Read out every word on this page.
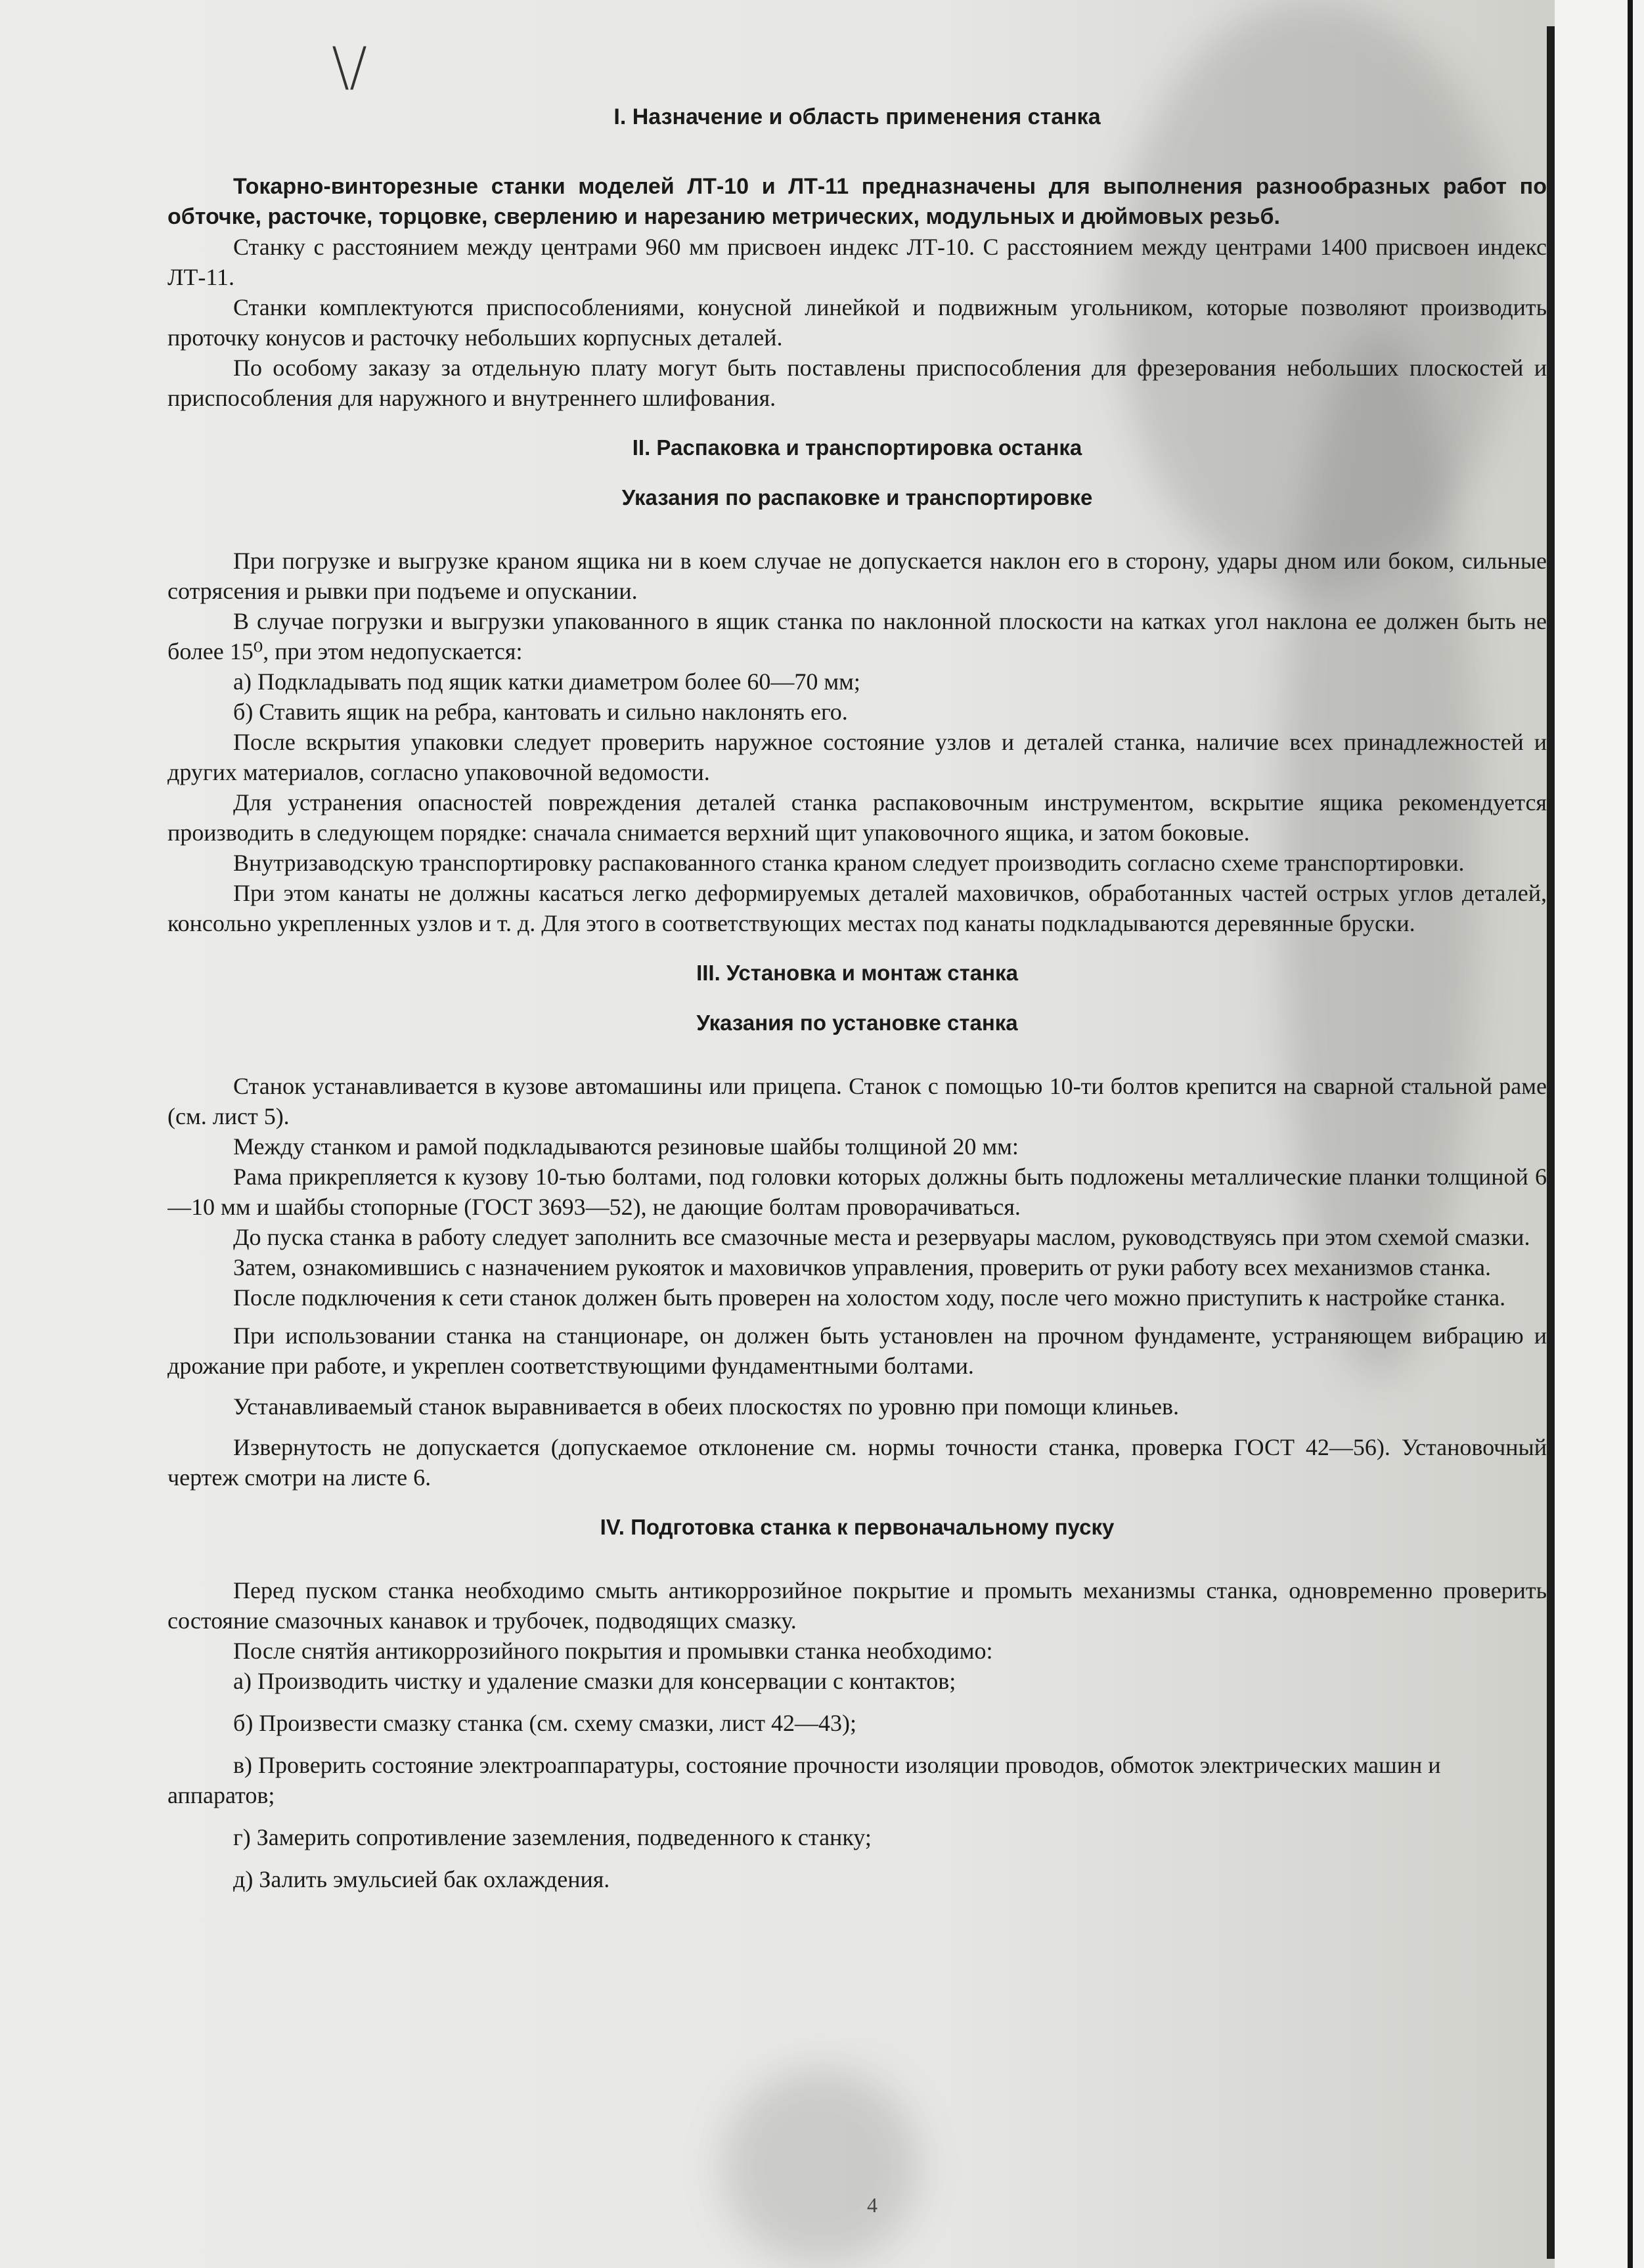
\/

I. Назначение и область применения станка

Токарно-винторезные станки моделей ЛТ-10 и ЛТ-11 предназначены для выполнения разнообразных работ по обточке, расточке, торцовке, сверлению и нарезанию метрических, модульных и дюймовых резьб.

Станку с расстоянием между центрами 960 мм присвоен индекс ЛТ-10. С расстоянием между центрами 1400 присвоен индекс ЛТ-11.

Станки комплектуются приспособлениями, конусной линейкой и подвижным угольником, которые позволяют производить проточку конусов и расточку небольших корпусных деталей.

По особому заказу за отдельную плату могут быть поставлены приспособления для фрезерования небольших плоскостей и приспособления для наружного и внутреннего шлифования.

II. Распаковка и транспортировка останка

Указания по распаковке и транспортировке

При погрузке и выгрузке краном ящика ни в коем случае не допускается наклон его в сторону, удары дном или боком, сильные сотрясения и рывки при подъеме и опускании.

В случае погрузки и выгрузки упакованного в ящик станка по наклонной плоскости на катках угол наклона ее должен быть не более 15⁰, при этом недопускается:

а) Подкладывать под ящик катки диаметром более 60—70 мм;

б) Ставить ящик на ребра, кантовать и сильно наклонять его.

После вскрытия упаковки следует проверить наружное состояние узлов и деталей станка, наличие всех принадлежностей и других материалов, согласно упаковочной ведомости.

Для устранения опасностей повреждения деталей станка распаковочным инструментом, вскрытие ящика рекомендуется производить в следующем порядке: сначала снимается верхний щит упаковочного ящика, и затом боковые.

Внутризаводскую транспортировку распакованного станка краном следует производить согласно схеме транспортировки.

При этом канаты не должны касаться легко деформируемых деталей маховичков, обработанных частей острых углов деталей, консольно укрепленных узлов и т. д. Для этого в соответствующих местах под канаты подкладываются деревянные бруски.

III. Установка и монтаж станка

Указания по установке станка

Станок устанавливается в кузове автомашины или прицепа. Станок с помощью 10-ти болтов крепится на сварной стальной раме (см. лист 5).

Между станком и рамой подкладываются резиновые шайбы толщиной 20 мм:

Рама прикрепляется к кузову 10-тью болтами, под головки которых должны быть подложены металлические планки толщиной 6—10 мм и шайбы стопорные (ГОСТ 3693—52), не дающие болтам проворачиваться.

До пуска станка в работу следует заполнить все смазочные места и резервуары маслом, руководствуясь при этом схемой смазки.

Затем, ознакомившись с назначением рукояток и маховичков управления, проверить от руки работу всех механизмов станка.

После подключения к сети станок должен быть проверен на холостом ходу, после чего можно приступить к настройке станка.

При использовании станка на станционаре, он должен быть установлен на прочном фундаменте, устраняющем вибрацию и дрожание при работе, и укреплен соответствующими фундаментными болтами.

Устанавливаемый станок выравнивается в обеих плоскостях по уровню при помощи клиньев.

Извернутость не допускается (допускаемое отклонение см. нормы точности станка, проверка ГОСТ 42—56). Установочный чертеж смотри на листе 6.

IV. Подготовка станка к первоначальному пуску

Перед пуском станка необходимо смыть антикоррозийное покрытие и промыть механизмы станка, одновременно проверить состояние смазочных канавок и трубочек, подводящих смазку.

После снятйя антикоррозийного покрытия и промывки станка необходимо:

а) Производить чистку и удаление смазки для консервации с контактов;

б) Произвести смазку станка (см. схему смазки, лист 42—43);

в) Проверить состояние электроаппаратуры, состояние прочности изоляции проводов, обмоток электрических машин и аппаратов;

г) Замерить сопротивление заземления, подведенного к станку;

д) Залить эмульсией бак охлаждения.

4
